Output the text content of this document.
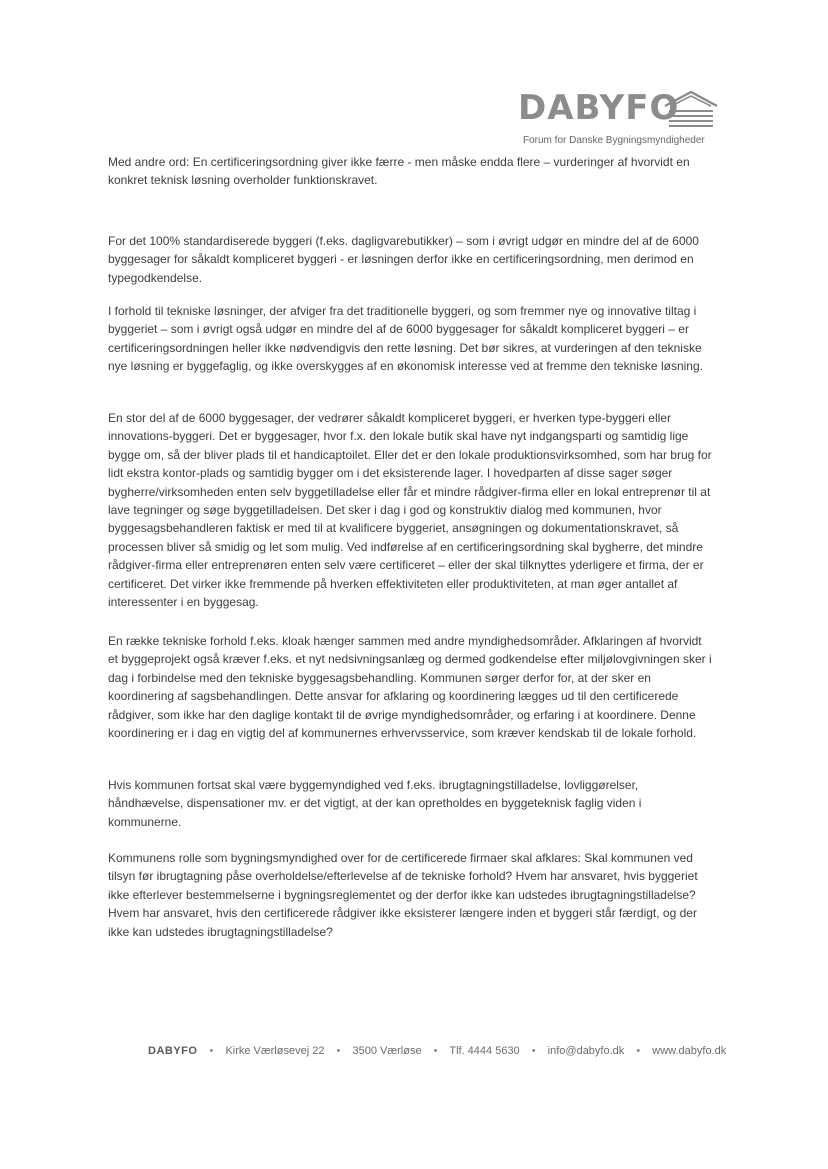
DABYFO
Forum for Danske Bygningsmyndigheder

Med andre ord: En certificeringsordning giver ikke færre - men måske endda flere – vurderinger af hvorvidt en konkret teknisk løsning overholder funktionskravet.

For det 100% standardiserede byggeri (f.eks. dagligvarebutikker) – som i øvrigt udgør en mindre del af de 6000 byggesager for såkaldt kompliceret byggeri - er løsningen derfor ikke en certificeringsordning, men derimod en typegodkendelse.

I forhold til tekniske løsninger, der afviger fra det traditionelle byggeri, og som fremmer nye og innovative tiltag i byggeriet – som i øvrigt også udgør en mindre del af de 6000 byggesager for såkaldt kompliceret byggeri – er certificeringsordningen heller ikke nødvendigvis den rette løsning. Det bør sikres, at vurderingen af den tekniske nye løsning er byggefaglig, og ikke overskygges af en økonomisk interesse ved at fremme den tekniske løsning.

En stor del af de 6000 byggesager, der vedrører såkaldt kompliceret byggeri, er hverken type-byggeri eller innovations-byggeri. Det er byggesager, hvor f.x. den lokale butik skal have nyt indgangsparti og samtidig lige bygge om, så der bliver plads til et handicaptoilet. Eller det er den lokale produktionsvirksomhed, som har brug for lidt ekstra kontor-plads og samtidig bygger om i det eksisterende lager. I hovedparten af disse sager søger bygherre/virksomheden enten selv byggetilladelse eller får et mindre rådgiver-firma eller en lokal entreprenør til at lave tegninger og søge byggetilladelsen. Det sker i dag i god og konstruktiv dialog med kommunen, hvor byggesagsbehandleren faktisk er med til at kvalificere byggeriet, ansøgningen og dokumentationskravet, så processen bliver så smidig og let som mulig. Ved indførelse af en certificeringsordning skal bygherre, det mindre rådgiver-firma eller entreprenøren enten selv være certificeret – eller der skal tilknyttes yderligere et firma, der er certificeret. Det virker ikke fremmende på hverken effektiviteten eller produktiviteten, at man øger antallet af interessenter i en byggesag.

En række tekniske forhold f.eks. kloak hænger sammen med andre myndighedsområder. Afklaringen af hvorvidt et byggeprojekt også kræver f.eks. et nyt nedsivningsanlæg og dermed godkendelse efter miljølovgivningen sker i dag i forbindelse med den tekniske byggesagsbehandling. Kommunen sørger derfor for, at der sker en koordinering af sagsbehandlingen. Dette ansvar for afklaring og koordinering lægges ud til den certificerede rådgiver, som ikke har den daglige kontakt til de øvrige myndighedsområder, og erfaring i at koordinere. Denne koordinering er i dag en vigtig del af kommunernes erhvervsservice, som kræver kendskab til de lokale forhold.

Hvis kommunen fortsat skal være byggemyndighed ved f.eks. ibrugtagningstilladelse, lovliggørelser, håndhævelse, dispensationer mv. er det vigtigt, at der kan opretholdes en byggeteknisk faglig viden i kommunerne.

Kommunens rolle som bygningsmyndighed over for de certificerede firmaer skal afklares: Skal kommunen ved tilsyn før ibrugtagning påse overholdelse/efterlevelse af de tekniske forhold? Hvem har ansvaret, hvis byggeriet ikke efterlever bestemmelserne i bygningsreglementet og der derfor ikke kan udstedes ibrugtagningstilladelse? Hvem har ansvaret, hvis den certificerede rådgiver ikke eksisterer længere inden et byggeri står færdigt, og der ikke kan udstedes ibrugtagningstilladelse?

DABYFO • Kirke Værløsevej 22 • 3500 Værløse • Tlf. 4444 5630 • info@dabyfo.dk • www.dabyfo.dk
